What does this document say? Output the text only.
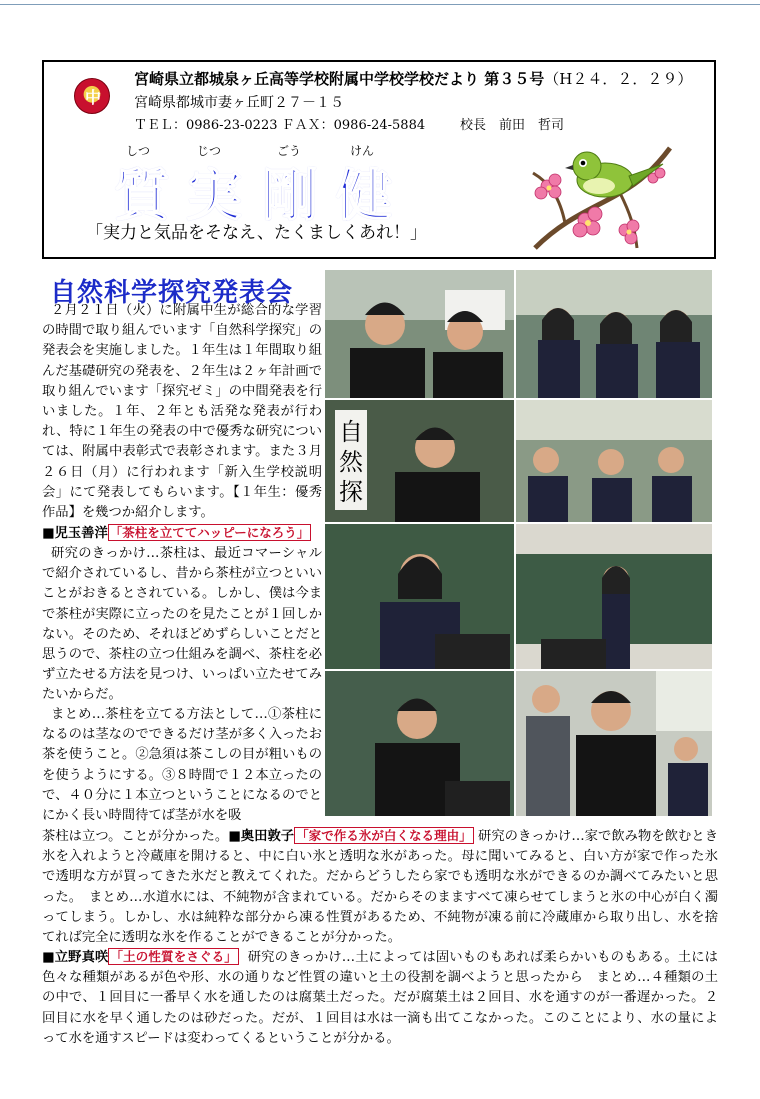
中
宮崎県立都城泉ヶ丘高等学校附属中学校学校だより 第３５号（H２４．２．２９）
宮崎県都城市妻ヶ丘町２７－１５
ＴＥＬ：0986-23-0223 ＦＡＸ：0986-24-5884	校長　前田　哲司
しつ	じつ	ごう	けん
質 実 剛 健
「実力と気品をそなえ、たくましくあれ！」
自然科学探究発表会
２月２１日（火）に附属中生が総合的な学習の時間で取り組んでいます「自然科学探究」の発表会を実施しました。１年生は１年間取り組んだ基礎研究の発表を、２年生は２ヶ年計画で取り組んでいます「探究ゼミ」の中間発表を行いました。１年、２年とも活発な発表が行われ、特に１年生の発表の中で優秀な研究については、附属中表彰式で表彰されます。また３月２６日（月）に行われます「新入生学校説明会」にて発表してもらいます。【１年生：優秀作品】を幾つか紹介します。
■児玉善洋 「茶柱を立ててハッピーになろう」
研究のきっかけ…茶柱は、最近コマーシャルで紹介されているし、昔から茶柱が立つといいことがおきるとされている。しかし、僕は今まで茶柱が実際に立ったのを見たことが１回しかない。そのため、それほどめずらしいことだと思うので、茶柱の立つ仕組みを調べ、茶柱を必ず立たせる方法を見つけ、いっぱい立たせてみたいからだ。
まとめ…茶柱を立てる方法として…①茶柱になるのは茎なのでできるだけ茎が多く入ったお茶を使うこと。②急須は茶こしの目が粗いものを使うようにする。③８時間で１２本立ったので、４０分に１本立つということになるのでとにかく長い時間待てば茎が水を吸
茶柱は立つ。ことが分かった。■奥田敦子 「家で作る氷が白くなる理由」 研究のきっかけ…家で飲み物を飲むとき氷を入れようと冷蔵庫を開けると、中に白い氷と透明な氷があった。母に聞いてみると、白い方が家で作った氷で透明な方が買ってきた氷だと教えてくれた。だからどうしたら家でも透明な氷ができるのか調べてみたいと思った。　まとめ…水道水には、不純物が含まれている。だからそのまますべて凍らせてしまうと氷の中心が白く濁ってしまう。しかし、水は純粋な部分から凍る性質があるため、不純物が凍る前に冷蔵庫から取り出し、水を捨てれば完全に透明な氷を作ることができることが分かった。
■立野真咲 「土の性質をさぐる」 研究のきっかけ…土によっては固いものもあれば柔らかいものもある。土には色々な種類があるが色や形、水の通りなど性質の違いと土の役割を調べようと思ったから　まとめ…４種類の土の中で、１回目に一番早く水を通したのは腐葉土だった。だが腐葉土は２回目、水を通すのが一番遅かった。２回目に水を早く通したのは砂だった。だが、１回目は水は一滴も出てこなかった。このことにより、水の量によって水を通すスピードは変わってくるということが分かる。
自
然
探
